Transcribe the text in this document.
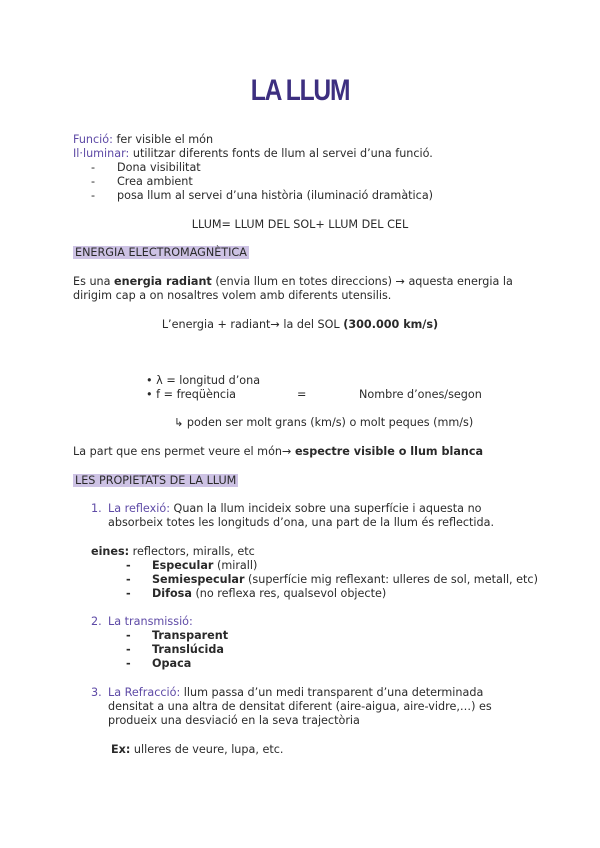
LA LLUM
Funció: fer visible el món
Il·luminar: utilitzar diferents fonts de llum al servei d’una funció.
- Dona visibilitat
- Crea ambient
- posa llum al servei d’una història (iluminació dramàtica)
LLUM= LLUM DEL SOL+ LLUM DEL CEL
ENERGIA ELECTROMAGNÈTICA
Es una energia radiant (envia llum en totes direccions) → aquesta energia la
dirigim cap a on nosaltres volem amb diferents utensilis.
L’energia + radiant→ la del SOL (300.000 km/s)
• λ = longitud d’ona
• f = freqüència	=	Nombre d’ones/segon
↳ poden ser molt grans (km/s) o molt peques (mm/s)
La part que ens permet veure el món→ espectre visible o llum blanca
LES PROPIETATS DE LA LLUM
1. La reflexió: Quan la llum incideix sobre una superfície i aquesta no
absorbeix totes les longituds d’ona, una part de la llum és reflectida.
eines: reflectors, miralls, etc
- Especular (mirall)
- Semiespecular (superfície mig reflexant: ulleres de sol, metall, etc)
- Difosa (no reflexa res, qualsevol objecte)
2. La transmissió:
- Transparent
- Translúcida
- Opaca
3. La Refracció: llum passa d’un medi transparent d’una determinada
densitat a una altra de densitat diferent (aire-aigua, aire-vidre,…) es
produeix una desviació en la seva trajectòria
Ex: ulleres de veure, lupa, etc.
